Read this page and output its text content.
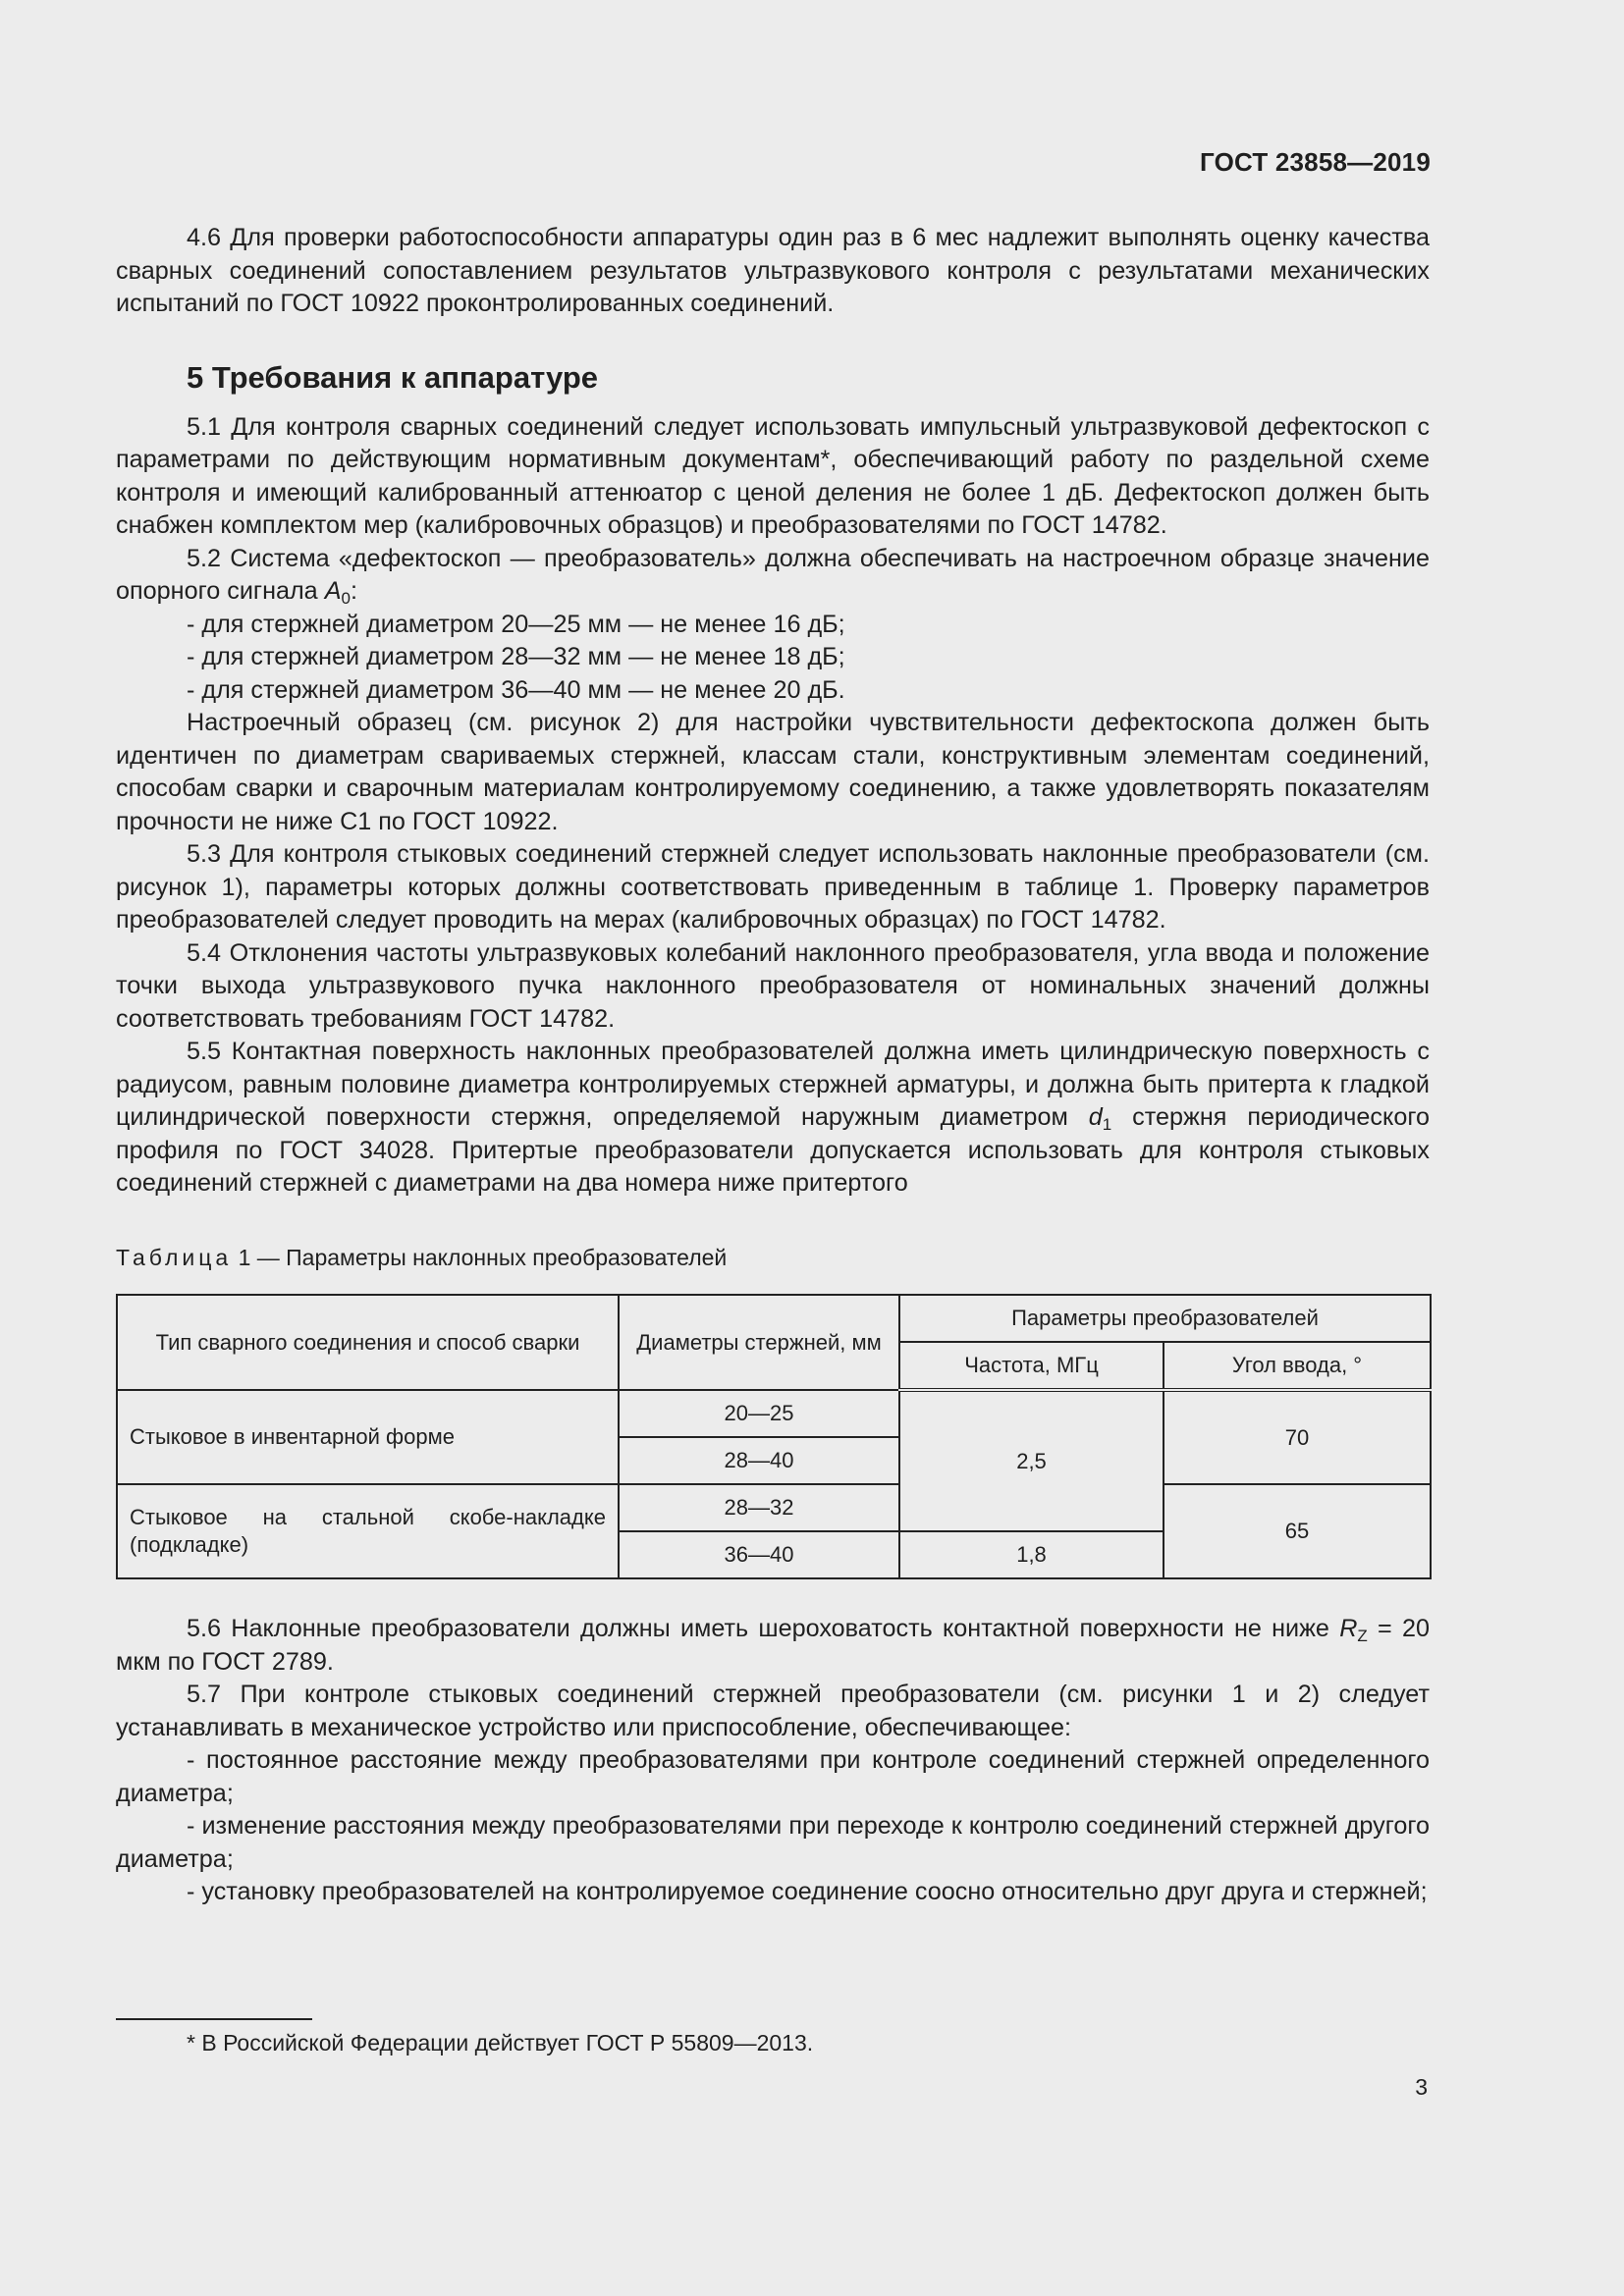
ГОСТ 23858—2019

4.6 Для проверки работоспособности аппаратуры один раз в 6 мес надлежит выполнять оценку качества сварных соединений сопоставлением результатов ультразвукового контроля с результатами механических испытаний по ГОСТ 10922 проконтролированных соединений.

5 Требования к аппаратуре

5.1 Для контроля сварных соединений следует использовать импульсный ультразвуковой дефектоскоп с параметрами по действующим нормативным документам*, обеспечивающий работу по раздельной схеме контроля и имеющий калиброванный аттенюатор с ценой деления не более 1 дБ. Дефектоскоп должен быть снабжен комплектом мер (калибровочных образцов) и преобразователями по ГОСТ 14782.

5.2 Система «дефектоскоп — преобразователь» должна обеспечивать на настроечном образце значение опорного сигнала $A_0$:

- для стержней диаметром 20—25 мм — не менее 16 дБ;

- для стержней диаметром 28—32 мм — не менее 18 дБ;

- для стержней диаметром 36—40 мм — не менее 20 дБ.

Настроечный образец (см. рисунок 2) для настройки чувствительности дефектоскопа должен быть идентичен по диаметрам свариваемых стержней, классам стали, конструктивным элементам соединений, способам сварки и сварочным материалам контролируемому соединению, а также удовлетворять показателям прочности не ниже С1 по ГОСТ 10922.

5.3 Для контроля стыковых соединений стержней следует использовать наклонные преобразователи (см. рисунок 1), параметры которых должны соответствовать приведенным в таблице 1. Проверку параметров преобразователей следует проводить на мерах (калибровочных образцах) по ГОСТ 14782.

5.4 Отклонения частоты ультразвуковых колебаний наклонного преобразователя, угла ввода и положение точки выхода ультразвукового пучка наклонного преобразователя от номинальных значений должны соответствовать требованиям ГОСТ 14782.

5.5 Контактная поверхность наклонных преобразователей должна иметь цилиндрическую поверхность с радиусом, равным половине диаметра контролируемых стержней арматуры, и должна быть притерта к гладкой цилиндрической поверхности стержня, определяемой наружным диаметром $d_1$ стержня периодического профиля по ГОСТ 34028. Притертые преобразователи допускается использовать для контроля стыковых соединений стержней с диаметрами на два номера ниже притертого

Таблица 1 — Параметры наклонных преобразователей
Тип сварного соединения и способ сварки	Диаметры стержней, мм	Параметры преобразователей	
		Частота, МГц	Угол ввода, °
Стыковое в инвентарной форме	20—25	2,5	70
	28—40		
Стыковое на стальной скобе-накладке (подкладке)	28—32		65
	36—40	1,8	

5.6 Наклонные преобразователи должны иметь шероховатость контактной поверхности не ниже $R_Z = 20$ мкм по ГОСТ 2789.

5.7 При контроле стыковых соединений стержней преобразователи (см. рисунки 1 и 2) следует устанавливать в механическое устройство или приспособление, обеспечивающее:

- постоянное расстояние между преобразователями при контроле соединений стержней определенного диаметра;

- изменение расстояния между преобразователями при переходе к контролю соединений стержней другого диаметра;

- установку преобразователей на контролируемое соединение соосно относительно друг друга и стержней;

* В Российской Федерации действует ГОСТ Р 55809—2013.
3
